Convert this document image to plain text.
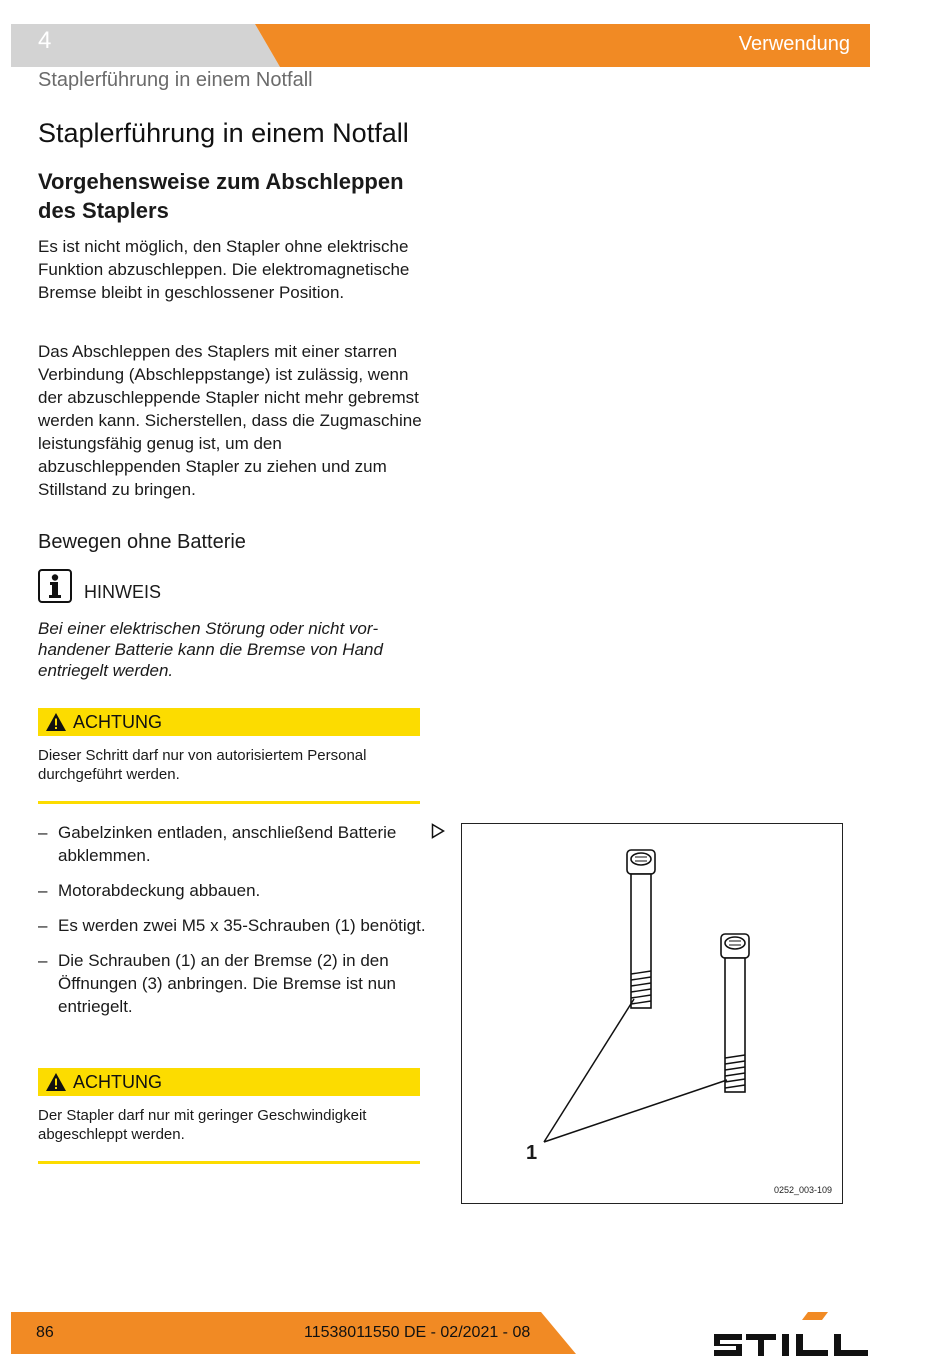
4	Verwendung
Staplerführung in einem Notfall
Staplerführung in einem Notfall
Vorgehensweise zum Abschleppen des Staplers
Es ist nicht möglich, den Stapler ohne elektrische Funktion abzuschleppen. Die elektromagnetische Bremse bleibt in geschlossener Position.
Das Abschleppen des Staplers mit einer starren Verbindung (Abschleppstange) ist zulässig, wenn der abzuschleppende Stapler nicht mehr gebremst werden kann. Sicherstellen, dass die Zugmaschine leistungsfähig genug ist, um den abzuschleppenden Stapler zu ziehen und zum Stillstand zu bringen.
Bewegen ohne Batterie
HINWEIS
Bei einer elektrischen Störung oder nicht vorhandener Batterie kann die Bremse von Hand entriegelt werden.
ACHTUNG
Dieser Schritt darf nur von autorisiertem Personal durchgeführt werden.
– Gabelzinken entladen, anschließend Batterie abklemmen.
– Motorabdeckung abbauen.
– Es werden zwei M5 x 35-Schrauben (1) benötigt.
– Die Schrauben (1) an der Bremse (2) in den Öffnungen (3) anbringen. Die Bremse ist nun entriegelt.
ACHTUNG
Der Stapler darf nur mit geringer Geschwindigkeit abgeschleppt werden.
1
0252_003-109
86	11538011550 DE - 02/2021 - 08
